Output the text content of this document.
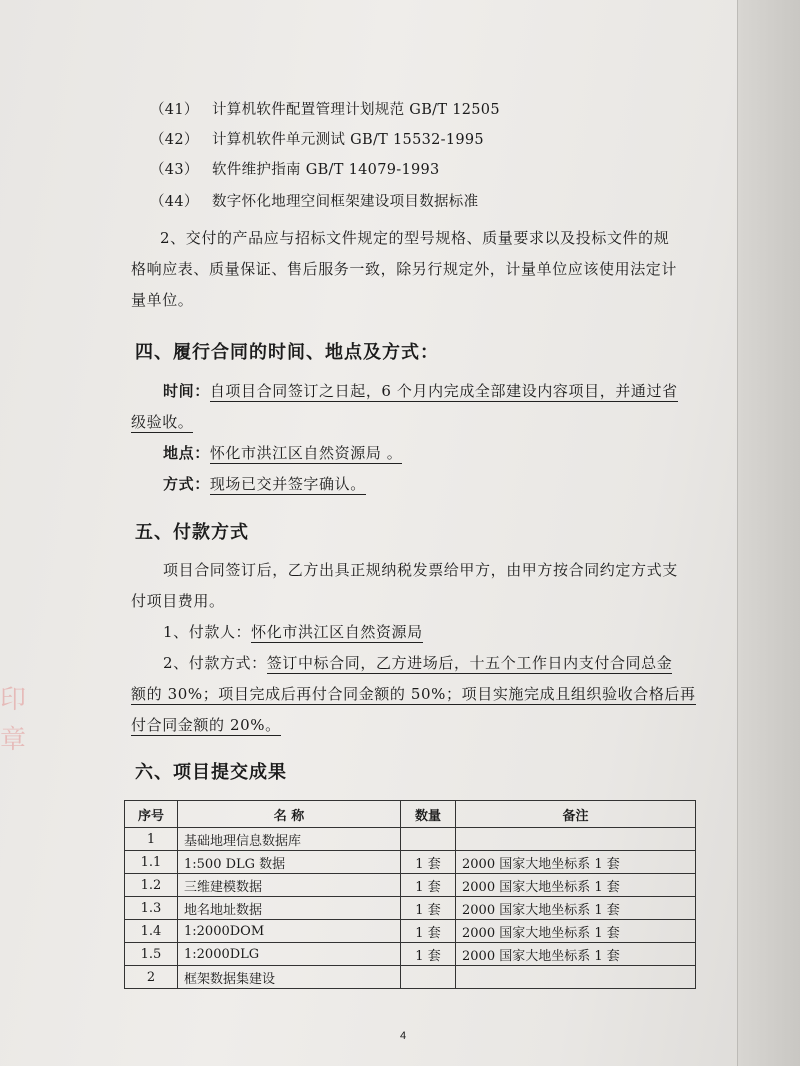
印
章
（41） 计算机软件配置管理计划规范 GB/T 12505
（42） 计算机软件单元测试 GB/T 15532-1995
（43） 软件维护指南 GB/T 14079-1993
（44） 数字怀化地理空间框架建设项目数据标准
2、交付的产品应与招标文件规定的型号规格、质量要求以及投标文件的规
格响应表、质量保证、售后服务一致，除另行规定外，计量单位应该使用法定计
量单位。
四、履行合同的时间、地点及方式：
时间：自项目合同签订之日起，6 个月内完成全部建设内容项目，并通过省
级验收。
地点：怀化市洪江区自然资源局 。
方式：现场已交并签字确认。
五、付款方式
项目合同签订后，乙方出具正规纳税发票给甲方，由甲方按合同约定方式支
付项目费用。
1、付款人：怀化市洪江区自然资源局
2、付款方式：签订中标合同，乙方进场后，十五个工作日内支付合同总金
额的 30%；项目完成后再付合同金额的 50%；项目实施完成且组织验收合格后再
付合同金额的 20%。
六、项目提交成果
序号	名 称	数量	备注
1	基础地理信息数据库		
1.1	1:500 DLG 数据	1 套	2000 国家大地坐标系 1 套
1.2	三维建模数据	1 套	2000 国家大地坐标系 1 套
1.3	地名地址数据	1 套	2000 国家大地坐标系 1 套
1.4	1:2000DOM	1 套	2000 国家大地坐标系 1 套
1.5	1:2000DLG	1 套	2000 国家大地坐标系 1 套
2	框架数据集建设		
4
